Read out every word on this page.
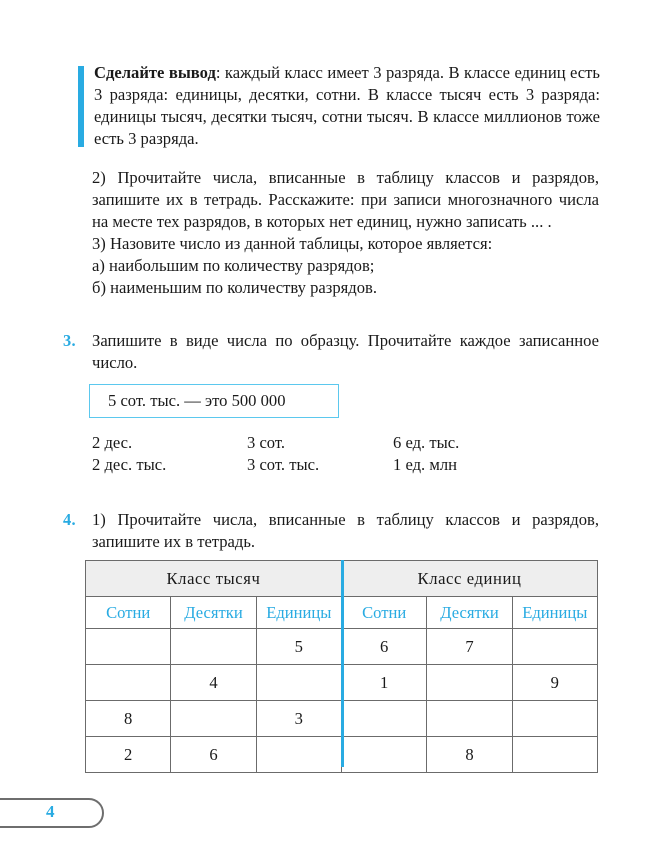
Сделайте вывод: каждый класс имеет 3 разряда. В классе единиц есть 3 разряда: единицы, десятки, сотни. В классе тысяч есть 3 разряда: единицы тысяч, десятки тысяч, сотни тысяч. В классе миллионов тоже есть 3 разряда.

2) Прочитайте числа, вписанные в таблицу классов и разрядов, запишите их в тетрадь. Расскажите: при записи многозначного числа на месте тех разрядов, в которых нет единиц, нужно записать ... .

3) Назовите число из данной таблицы, которое является:

а) наибольшим по количеству разрядов;

б) наименьшим по количеству разрядов.

3. Запишите в виде числа по образцу. Прочитайте каждое записанное число.

5 сот. тыс. — это 500 000
2 дес.	3 сот.	6 ед. тыс.
2 дес. тыс.	3 сот. тыс.	1 ед. млн
4. 1) Прочитайте числа, вписанные в таблицу классов и разрядов, запишите их в тетрадь.

Класс тысяч			Класс единиц		
Сотни	Десятки	Единицы	Сотни	Десятки	Единицы
		5	6	7	
	4		1		9
8		3			
2	6			8	
4
